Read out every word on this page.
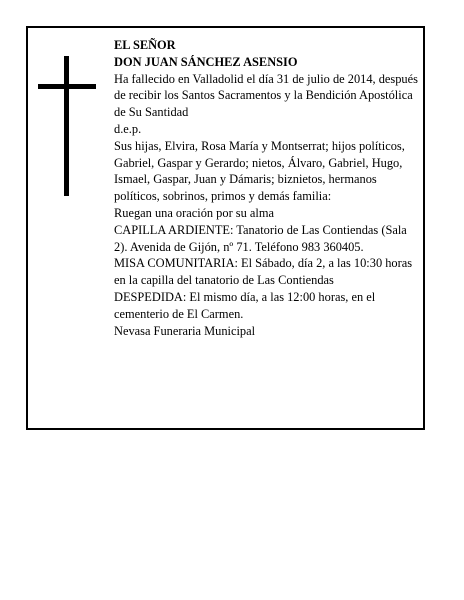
EL SEÑOR

DON JUAN SÁNCHEZ ASENSIO

Ha fallecido en Valladolid el día 31 de julio de 2014, después de recibir los Santos Sacramentos y la Bendición Apostólica de Su Santidad

d.e.p.

Sus hijas, Elvira, Rosa María y Montserrat; hijos políticos, Gabriel, Gaspar y Gerardo; nietos, Álvaro, Gabriel, Hugo, Ismael, Gaspar, Juan y Dámaris; biznietos, hermanos políticos, sobrinos, primos y demás familia:

Ruegan una oración por su alma

CAPILLA ARDIENTE: Tanatorio de Las Contiendas (Sala 2). Avenida de Gijón, nº 71. Teléfono 983 360405.

MISA COMUNITARIA: El Sábado, día 2, a las 10:30 horas en la capilla del tanatorio de Las Contiendas

DESPEDIDA: El mismo día, a las 12:00 horas, en el cementerio de El Carmen.

Nevasa Funeraria Municipal
